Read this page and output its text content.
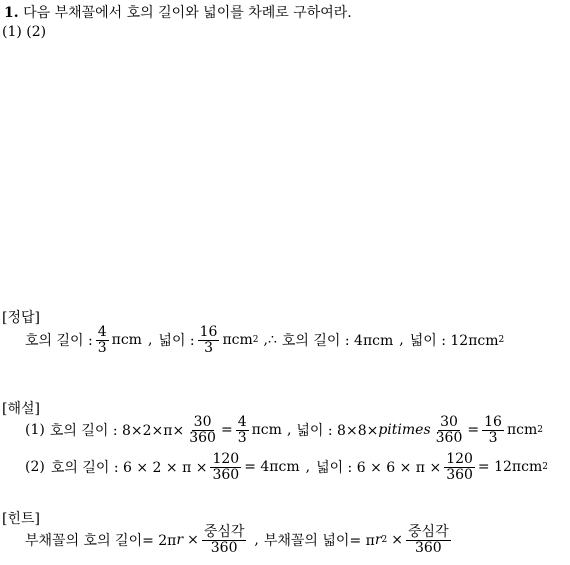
1. 다음 부채꼴에서 호의 길이와 넓이를 차례로 구하여라.
(1) (2)
[정답]
호의 길이 : $\frac{4}{3}$ πcm , 넓이 : $\frac{16}{3}$ πcm 2 ,∴ 호의 길이 : 4πcm , 넓이 : 12πcm 2
[해설]
(1) 호의 길이 : $8\times 2\times\pi\times \frac{30}{360} = \frac{4}{3}$ πcm , 넓이 : 8×8× pitimes $\frac{30}{360} = \frac{16}{3}$ πcm 2
(2) 호의 길이 : $6 \times 2 \times \pi \times \frac{120}{360} = 4\pi cm$ , 넓이 : $6 \times 6 \times \pi \times \frac{120}{360} = 12\pi cm$ 2
[힌트]
부채꼴의 호의 길이= 2π $r \times \frac{\text{중심각}}{360}$ , 부채꼴의 넓이= π r $2 \times \frac{\text{중심각}}{360}$
